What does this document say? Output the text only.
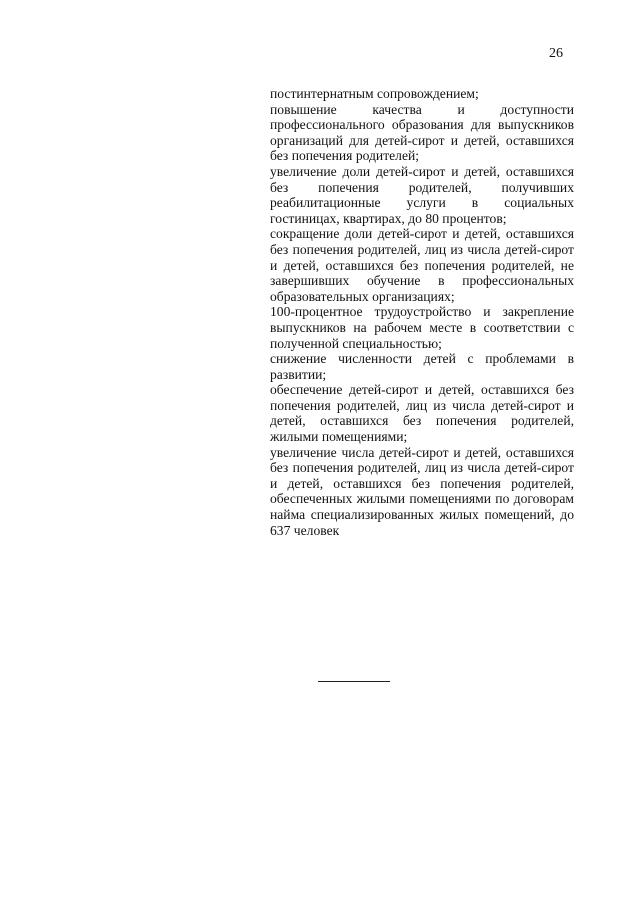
26

постинтернатным сопровождением;

повышение качества и доступности профессионального образования для выпускников организаций для детей-сирот и детей, оставшихся без попечения родителей;

увеличение доли детей-сирот и детей, оставшихся без попечения родителей, получивших реабилитационные услуги в социальных гостиницах, квартирах, до 80 процентов;

сокращение доли детей-сирот и детей, оставшихся без попечения родителей, лиц из числа детей-сирот и детей, оставшихся без попечения родителей, не завершивших обучение в профессиональных образовательных организациях;

100-процентное трудоустройство и закрепление выпускников на рабочем месте в соответствии с полученной специальностью;

снижение численности детей с проблемами в развитии;

обеспечение детей-сирот и детей, оставшихся без попечения родителей, лиц из числа детей-сирот и детей, оставшихся без попечения родителей, жилыми помещениями;

увеличение числа детей-сирот и детей, оставшихся без попечения родителей, лиц из числа детей-сирот и детей, оставшихся без попечения родителей, обеспеченных жилыми помещениями по договорам найма специализированных жилых помещений, до 637 человек
